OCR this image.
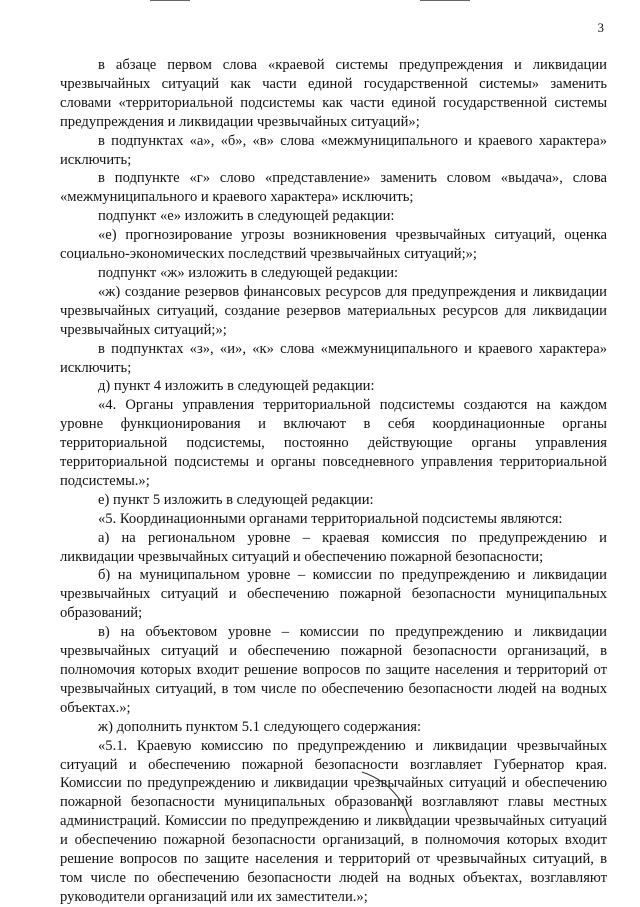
3

в абзаце первом слова «краевой системы предупреждения и ликвидации чрезвычайных ситуаций как части единой государственной системы» заменить словами «территориальной подсистемы как части единой государственной системы предупреждения и ликвидации чрезвычайных ситуаций»;

в подпунктах «а», «б», «в» слова «межмуниципального и краевого характера» исключить;

в подпункте «г» слово «представление» заменить словом «выдача», слова «межмуниципального и краевого характера» исключить;

подпункт «е» изложить в следующей редакции:

«е) прогнозирование угрозы возникновения чрезвычайных ситуаций, оценка социально-экономических последствий чрезвычайных ситуаций;»;

подпункт «ж» изложить в следующей редакции:

«ж) создание резервов финансовых ресурсов для предупреждения и ликвидации чрезвычайных ситуаций, создание резервов материальных ресурсов для ликвидации чрезвычайных ситуаций;»;

в подпунктах «з», «и», «к» слова «межмуниципального и краевого характера» исключить;

д) пункт 4 изложить в следующей редакции:

«4. Органы управления территориальной подсистемы создаются на каждом уровне функционирования и включают в себя координационные органы территориальной подсистемы, постоянно действующие органы управления территориальной подсистемы и органы повседневного управления территориальной подсистемы.»;

е) пункт 5 изложить в следующей редакции:

«5. Координационными органами территориальной подсистемы являются:

а) на региональном уровне – краевая комиссия по предупреждению и ликвидации чрезвычайных ситуаций и обеспечению пожарной безопасности;

б) на муниципальном уровне – комиссии по предупреждению и ликвидации чрезвычайных ситуаций и обеспечению пожарной безопасности муниципальных образований;

в) на объектовом уровне – комиссии по предупреждению и ликвидации чрезвычайных ситуаций и обеспечению пожарной безопасности организаций, в полномочия которых входит решение вопросов по защите населения и территорий от чрезвычайных ситуаций, в том числе по обеспечению безопасности людей на водных объектах.»;

ж) дополнить пунктом 5.1 следующего содержания:

«5.1. Краевую комиссию по предупреждению и ликвидации чрезвычайных ситуаций и обеспечению пожарной безопасности возглавляет Губернатор края. Комиссии по предупреждению и ликвидации чрезвычайных ситуаций и обеспечению пожарной безопасности муниципальных образований возглавляют главы местных администраций. Комиссии по предупреждению и ликвидации чрезвычайных ситуаций и обеспечению пожарной безопасности организаций, в полномочия которых входит решение вопросов по защите населения и территорий от чрезвычайных ситуаций, в том числе по обеспечению безопасности людей на водных объектах, возглавляют руководители организаций или их заместители.»;
